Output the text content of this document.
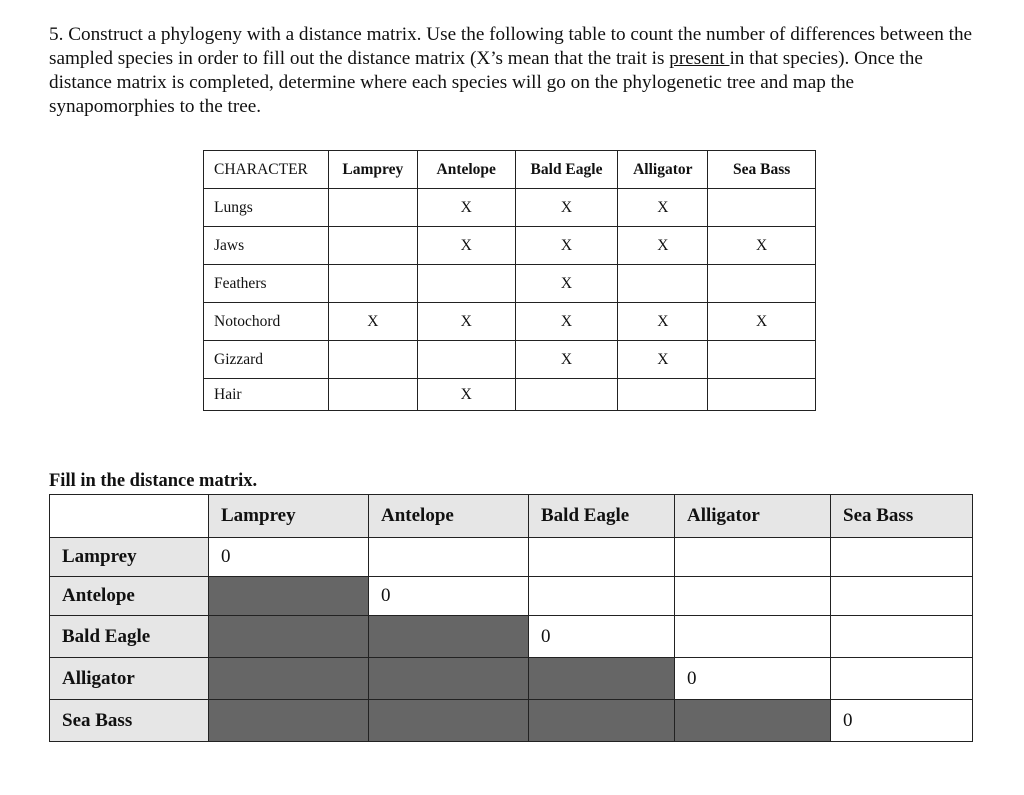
5. Construct a phylogeny with a distance matrix. Use the following table to count the number of differences between the sampled species in order to fill out the distance matrix (X’s mean that the trait is present in that species). Once the distance matrix is completed, determine where each species will go on the phylogenetic tree and map the synapomorphies to the tree.
CHARACTER	Lamprey	Antelope	Bald Eagle	Alligator	Sea Bass
Lungs		X	X	X	
Jaws		X	X	X	X
Feathers			X		
Notochord	X	X	X	X	X
Gizzard			X	X	
Hair		X			
Fill in the distance matrix.
	Lamprey	Antelope	Bald Eagle	Alligator	Sea Bass
Lamprey	0				
Antelope		0			
Bald Eagle			0		
Alligator				0	
Sea Bass					0
